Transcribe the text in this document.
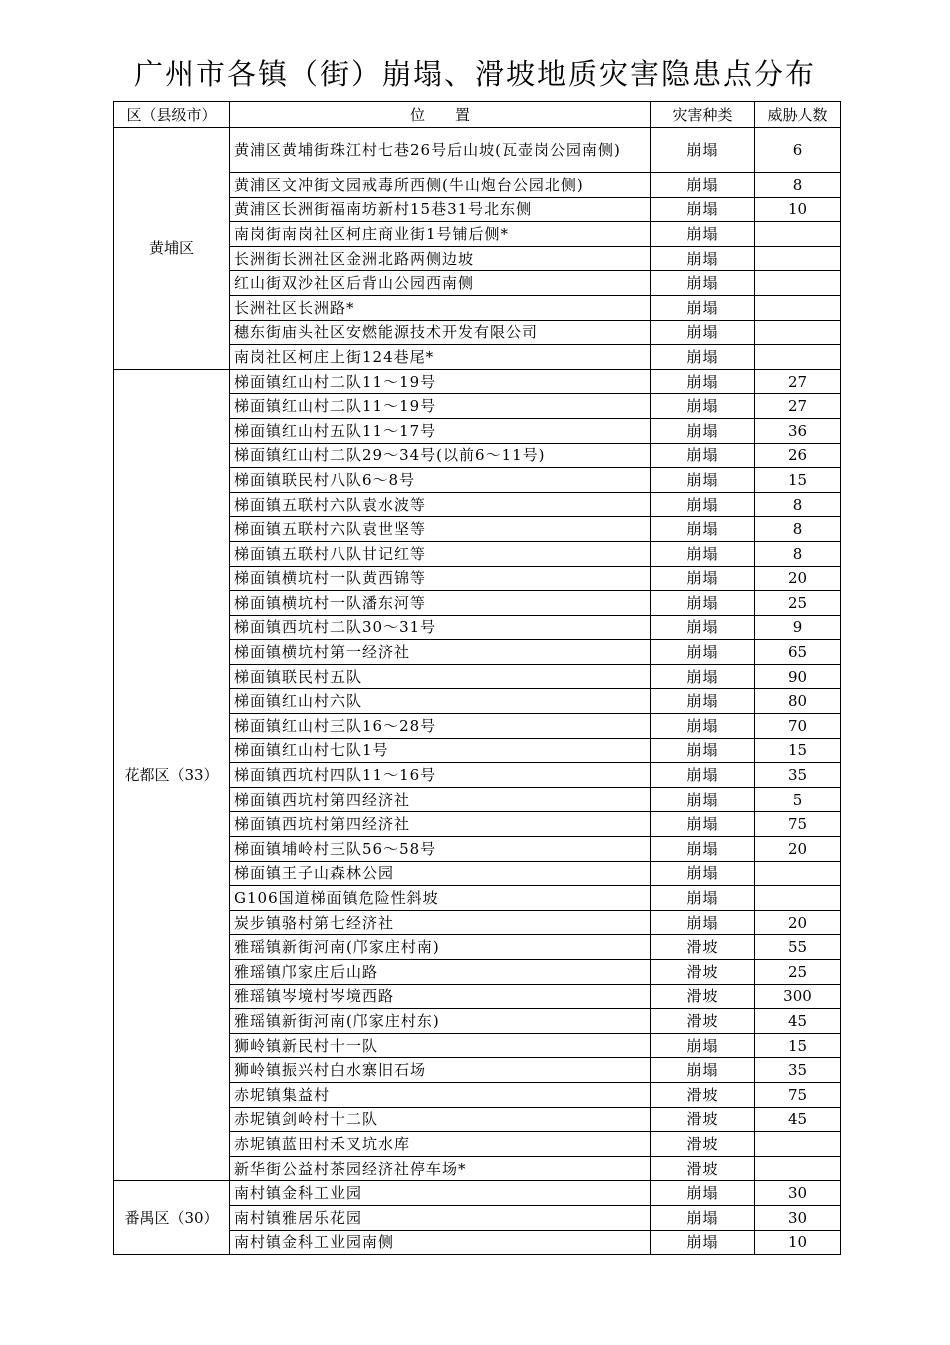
广州市各镇（街）崩塌、滑坡地质灾害隐患点分布
区（县级市）	位　　置	灾害种类	威胁人数
黄埔区	黄浦区黄埔街珠江村七巷26号后山坡(瓦壶岗公园南侧)	崩塌	6
	黄浦区文冲街文园戒毒所西侧(牛山炮台公园北侧)	崩塌	8
	黄浦区长洲街福南坊新村15巷31号北东侧	崩塌	10
	南岗街南岗社区柯庄商业街1号铺后侧*	崩塌	
	长洲街长洲社区金洲北路两侧边坡	崩塌	
	红山街双沙社区后背山公园西南侧	崩塌	
	长洲社区长洲路*	崩塌	
	穗东街庙头社区安燃能源技术开发有限公司	崩塌	
	南岗社区柯庄上街124巷尾*	崩塌	
花都区（33）	梯面镇红山村二队11～19号	崩塌	27
	梯面镇红山村二队11～19号	崩塌	27
	梯面镇红山村五队11～17号	崩塌	36
	梯面镇红山村二队29～34号(以前6～11号)	崩塌	26
	梯面镇联民村八队6～8号	崩塌	15
	梯面镇五联村六队袁水波等	崩塌	8
	梯面镇五联村六队袁世坚等	崩塌	8
	梯面镇五联村八队甘记红等	崩塌	8
	梯面镇横坑村一队黄西锦等	崩塌	20
	梯面镇横坑村一队潘东河等	崩塌	25
	梯面镇西坑村二队30～31号	崩塌	9
	梯面镇横坑村第一经济社	崩塌	65
	梯面镇联民村五队	崩塌	90
	梯面镇红山村六队	崩塌	80
	梯面镇红山村三队16～28号	崩塌	70
	梯面镇红山村七队1号	崩塌	15
	梯面镇西坑村四队11～16号	崩塌	35
	梯面镇西坑村第四经济社	崩塌	5
	梯面镇西坑村第四经济社	崩塌	75
	梯面镇埔岭村三队56～58号	崩塌	20
	梯面镇王子山森林公园	崩塌	
	G106国道梯面镇危险性斜坡	崩塌	
	炭步镇骆村第七经济社	崩塌	20
	雅瑶镇新街河南(邝家庄村南)	滑坡	55
	雅瑶镇邝家庄后山路	滑坡	25
	雅瑶镇岑境村岑境西路	滑坡	300
	雅瑶镇新街河南(邝家庄村东)	滑坡	45
	狮岭镇新民村十一队	崩塌	15
	狮岭镇振兴村白水寨旧石场	崩塌	35
	赤坭镇集益村	滑坡	75
	赤坭镇剑岭村十二队	滑坡	45
	赤坭镇蓝田村禾叉坑水库	滑坡	
	新华街公益村茶园经济社停车场*	滑坡	
番禺区（30）	南村镇金科工业园	崩塌	30
	南村镇雅居乐花园	崩塌	30
	南村镇金科工业园南侧	崩塌	10
